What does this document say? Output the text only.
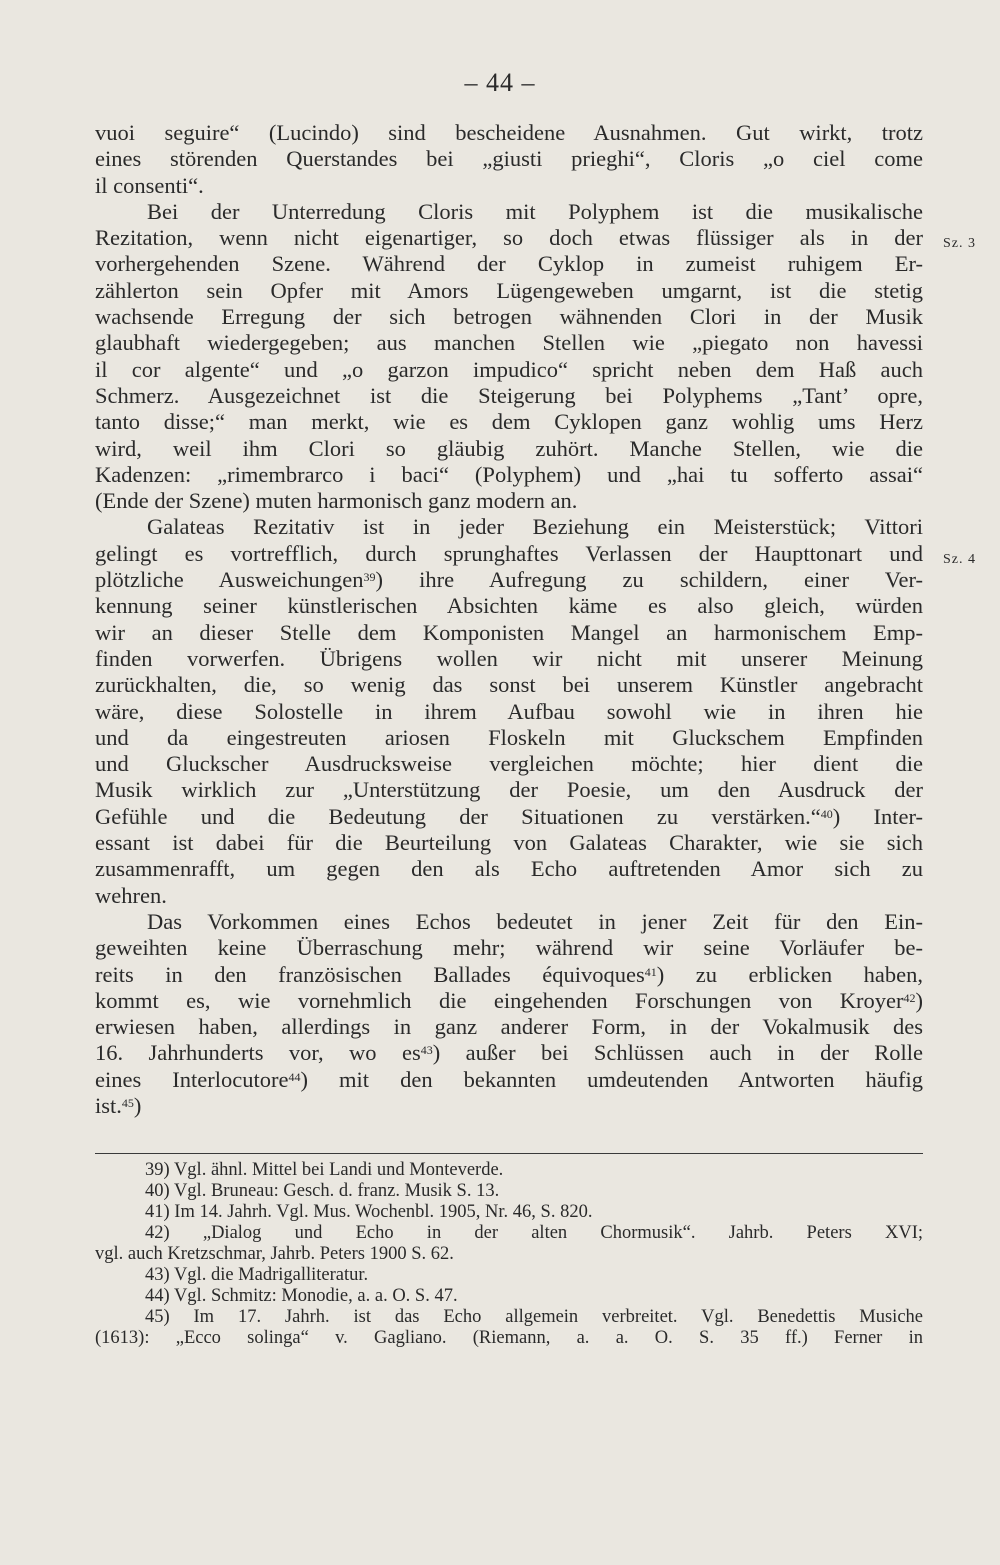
– 44 –
vuoi seguire“ (Lucindo) sind bescheidene Ausnahmen. Gut wirkt, trotz
eines störenden Querstandes bei „giusti prieghi“, Cloris „o ciel come
il consenti“.
Bei der Unterredung Cloris mit Polyphem ist die musikalische
Rezitation, wenn nicht eigenartiger, so doch etwas flüssiger als in der
vorhergehenden Szene. Während der Cyklop in zumeist ruhigem Er-
zählerton sein Opfer mit Amors Lügengeweben umgarnt, ist die stetig
wachsende Erregung der sich betrogen wähnenden Clori in der Musik
glaubhaft wiedergegeben; aus manchen Stellen wie „piegato non havessi
il cor algente“ und „o garzon impudico“ spricht neben dem Haß auch
Schmerz. Ausgezeichnet ist die Steigerung bei Polyphems „Tant’ opre,
tanto disse;“ man merkt, wie es dem Cyklopen ganz wohlig ums Herz
wird, weil ihm Clori so gläubig zuhört. Manche Stellen, wie die
Kadenzen: „rimembrarco i baci“ (Polyphem) und „hai tu sofferto assai“
(Ende der Szene) muten harmonisch ganz modern an.
Galateas Rezitativ ist in jeder Beziehung ein Meisterstück; Vittori
gelingt es vortrefflich, durch sprunghaftes Verlassen der Haupttonart und
plötzliche Ausweichungen$^{39}$) ihre Aufregung zu schildern, einer Ver-
kennung seiner künstlerischen Absichten käme es also gleich, würden
wir an dieser Stelle dem Komponisten Mangel an harmonischem Emp-
finden vorwerfen. Übrigens wollen wir nicht mit unserer Meinung
zurückhalten, die, so wenig das sonst bei unserem Künstler angebracht
wäre, diese Solostelle in ihrem Aufbau sowohl wie in ihren hie
und da eingestreuten ariosen Floskeln mit Gluckschem Empfinden
und Gluckscher Ausdrucksweise vergleichen möchte; hier dient die
Musik wirklich zur „Unterstützung der Poesie, um den Ausdruck der
Gefühle und die Bedeutung der Situationen zu verstärken.“$^{40}$) Inter-
essant ist dabei für die Beurteilung von Galateas Charakter, wie sie sich
zusammenrafft, um gegen den als Echo auftretenden Amor sich zu
wehren.
Das Vorkommen eines Echos bedeutet in jener Zeit für den Ein-
geweihten keine Überraschung mehr; während wir seine Vorläufer be-
reits in den französischen Ballades équivoques$^{41}$) zu erblicken haben,
kommt es, wie vornehmlich die eingehenden Forschungen von Kroyer$^{42}$)
erwiesen haben, allerdings in ganz anderer Form, in der Vokalmusik des
16. Jahrhunderts vor, wo $es^{43}$) außer bei Schlüssen auch in der Rolle
eines Interlocutore$^{44}$) mit den bekannten umdeutenden Antworten häufig
ist.$^{45}$)
Sz. 3
Sz. 4
39) Vgl. ähnl. Mittel bei Landi und Monteverde.
40) Vgl. Bruneau: Gesch. d. franz. Musik S. 13.
41) Im 14. Jahrh. Vgl. Mus. Wochenbl. 1905, Nr. 46, S. 820.
42) „Dialog und Echo in der alten Chormusik“. Jahrb. Peters XVI;
vgl. auch Kretzschmar, Jahrb. Peters 1900 S. 62.
43) Vgl. die Madrigalliteratur.
44) Vgl. Schmitz: Monodie, a. a. O. S. 47.
45) Im 17. Jahrh. ist das Echo allgemein verbreitet. Vgl. Benedettis Musiche
(1613): „Ecco solinga“ v. Gagliano. (Riemann, a. a. O. S. 35 ff.) Ferner in
